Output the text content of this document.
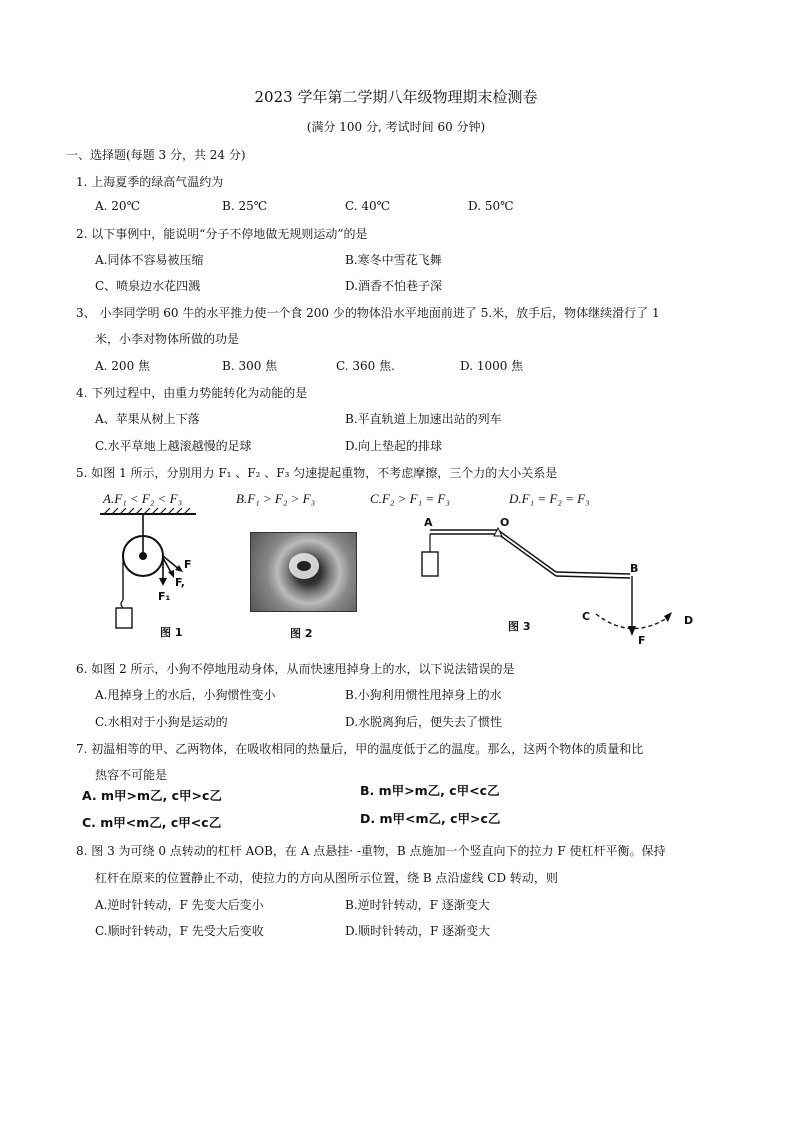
2023 学年第二学期八年级物理期末检测卷
(满分 100 分, 考试时间 60 分钟)
一、选择题(每题 3 分，共 24 分)
1. 上海夏季的绿高气温约为
A. 20℃	B. 25℃	C. 40℃	D. 50℃
2. 以下事例中，能说明“分子不停地做无规则运动”的是
A.同体不容易被压缩	B.寒冬中雪花飞舞
C、喷泉边水花四溅	D.酒香不怕巷子深
3、 小李同学明 60 牛的水平推力使一个食 200 少的物体沿水平地面前进了 5.米，放手后，物体继续滑行了 1
米，小李对物体所做的功是
A. 200 焦	B. 300 焦	C. 360 焦.	D. 1000 焦
4. 下列过程中，由重力势能转化为动能的是
A、苹果从树上下落	B.平直轨道上加速出站的列车
C.水平草地上越滚越慢的足球	D.向上垫起的排球
5. 如图 1 所示，分别用力 F₁ 、F₂ 、F₃ 匀速提起重物，不考虑摩擦，三个力的大小关系是
A.F₁ < F₂ < F₃	B.F₁ > F₂ > F₃	C.F₂ > F₁ = F₃	D.F₁ = F₂ = F₃
F
F,
F₁
图 1	图 2
A	O
B
C	D
F
图 3
6. 如图 2 所示，小狗不停地甩动身体，从而快速甩掉身上的水，以下说法错误的是
A.甩掉身上的水后，小狗惯性变小	B.小狗利用惯性甩掉身上的水
C.水相对于小狗是运动的	D.水脱离狗后，便失去了惯性
7. 初温相等的甲、乙两物体，在吸收相同的热量后，甲的温度低于乙的温度。那么，这两个物体的质量和比
热容不可能是
A. m甲>m乙, c甲>c乙	B. m甲>m乙, c甲<c乙
C. m甲<m乙, c甲<c乙	D. m甲<m乙, c甲>c乙
8. 图 3 为可绕 0 点转动的杠杆 AOB，在 A 点悬挂· -重物，B 点施加一个竖直向下的拉力 F 使杠杆平衡。保持
杠杆在原来的位置静止不动，使拉力的方向从图所示位置，绕 B 点沿虚线 CD 转动，则
A.逆时针转动，F 先变大后变小	B.逆时针转动，F 逐渐变大
C.顺时针转动，F 先受大后变收	D.顺时针转动，F 逐渐变大
